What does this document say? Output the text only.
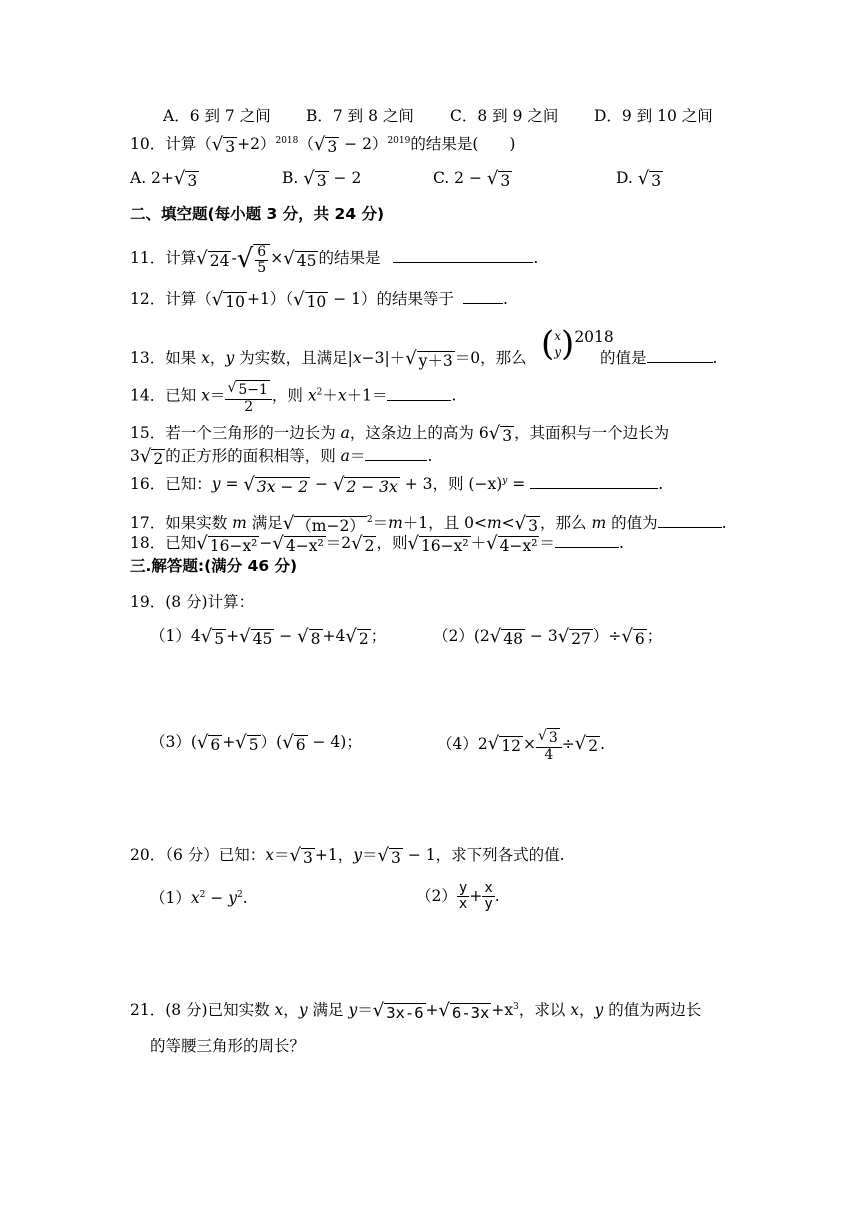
A．6 到 7 之间 B．7 到 8 之间 C．8 到 9 之间 D．9 到 10 之间
10．计算（ √ 3 +2）$^{2018}$（ √ 3 − 2）$^{2019}$的结果是(　　)
A. 2+ √ 3	B. √ 3 − 2	C. 2 − √ 3	D. √ 3
二、填空题(每小题 3 分，共 24 分)
11．计算 √ 24 - √ $\frac{6}{5}$ × √ 45 的结果是	.
12．计算（ √ 10 +1）（ √ 10 − 1）的结果等于	.
13．如果 x，y 为实数，且满足|x−3|＋ √ y＋3 ＝0，那么 ( x
y )2018
的值是	.
14．已知 $x= \frac{√ 5-1}{2}$ ，则 $x^2+x+1=$	.
15．若一个三角形的一边长为 a，这条边上的高为 6 √ 3 ，其面积与一个边长为
3 √ 2 的正方形的面积相等，则 a＝	.
16．已知：y = √ 3x − 2 − √ 2 − 3x + 3，则 $(-x)^y$ =	.
17．如果实数 m 满足 √ （m−2） $^2$＝m＋1，且 0<m< √ 3 ，那么 m 的值为	.
18．已知 √ 16−x² − √ 4−x² ＝2 √ 2 ，则 √ 16−x² ＋ √ 4−x² ＝	.
三.解答题:(满分 46 分)
19．(8 分)计算：
（1）4 √ 5 + √ 45 − √ 8 +4 √ 2 ；	（2）(2 √ 48 − 3 √ 27 ）÷ √ 6 ；
（3）( √ 6 + √ 5 ）( √ 6 − 4)；	（4）2 √ $12 \times \frac{√ 3}{4}$ ÷ √ 2 .
20．（6 分）已知：x＝ √ 3 +1，y＝ √ 3 − 1，求下列各式的值.
$(1)x^2 - y^2$.	$(2) \frac{y}{x} + \frac{x}{y}$ .
21．(8 分)已知实数 x，y 满足 y＝ √ 3x-6 + √ $6-3x +x^3$，求以 x，y 的值为两边长
的等腰三角形的周长？
